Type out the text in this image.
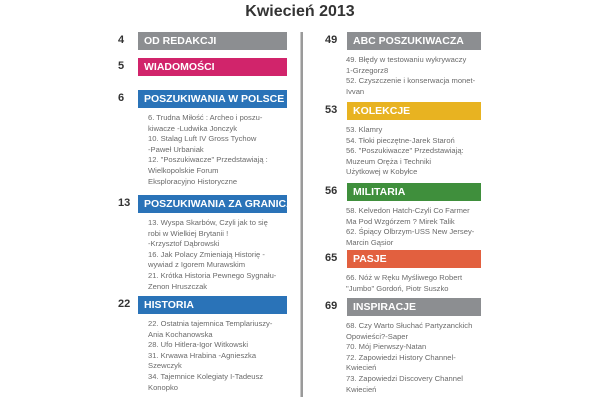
Kwiecień 2013
4	OD REDAKCJI
5	WIADOMOŚCI
6	POSZUKIWANIA W POLSCE
6. Trudna Miłość : Archeo i poszu-
kiwacze -Ludwika Jonczyk
10. Stalag Luft IV Gross Tychow
-Paweł Urbaniak
12. "Poszukiwacze" Przedstawiają :
Wielkopolskie Forum
Eksploracyjno Historyczne
13	POSZUKIWANIA ZA GRANICĄ
13. Wyspa Skarbów, Czyli jak to się
robi w Wielkiej Brytanii !
-Krzysztof Dąbrowski
16. Jak Polacy Zmieniają Historię -
wywiad z Igorem Murawskim
21. Krótka Historia Pewnego Sygnału-
Zenon Hruszczak
22	HISTORIA
22. Ostatnia tajemnica Templariuszy-
Ania Kochanowska
28. Ufo Hitlera-Igor Witkowski
31. Krwawa Hrabina -Agnieszka
Szewczyk
34. Tajemnice Kolegiaty I-Tadeusz
Konopko
49	ABC POSZUKIWACZA
49. Błędy w testowaniu wykrywaczy
1-Grzegorz8
52. Czyszczenie i konserwacja monet-
Ivvan
53	KOLEKCJE
53. Klamry
54. Tłoki pieczętne-Jarek Staroń
56. "Poszukiwacze" Przedstawiają:
Muzeum Oręża i Techniki
Użytkowej w Kobyłce
56	MILITARIA
58. Kelvedon Hatch-Czyli Co Farmer
Ma Pod Wzgórzem ? Mirek Talik
62. Śpiący Olbrzym-USS New Jersey-
Marcin Gąsior
65	PASJE
66. Nóż w Ręku Myśliwego Robert
"Jumbo" Gordoń, Piotr Suszko
69	INSPIRACJE
68. Czy Warto Słuchać Partyzanckich
Opowieści?-Saper
70. Mój Pierwszy-Natan
72. Zapowiedzi History Channel-
Kwiecień
73. Zapowiedzi Discovery Channel
Kwiecień
